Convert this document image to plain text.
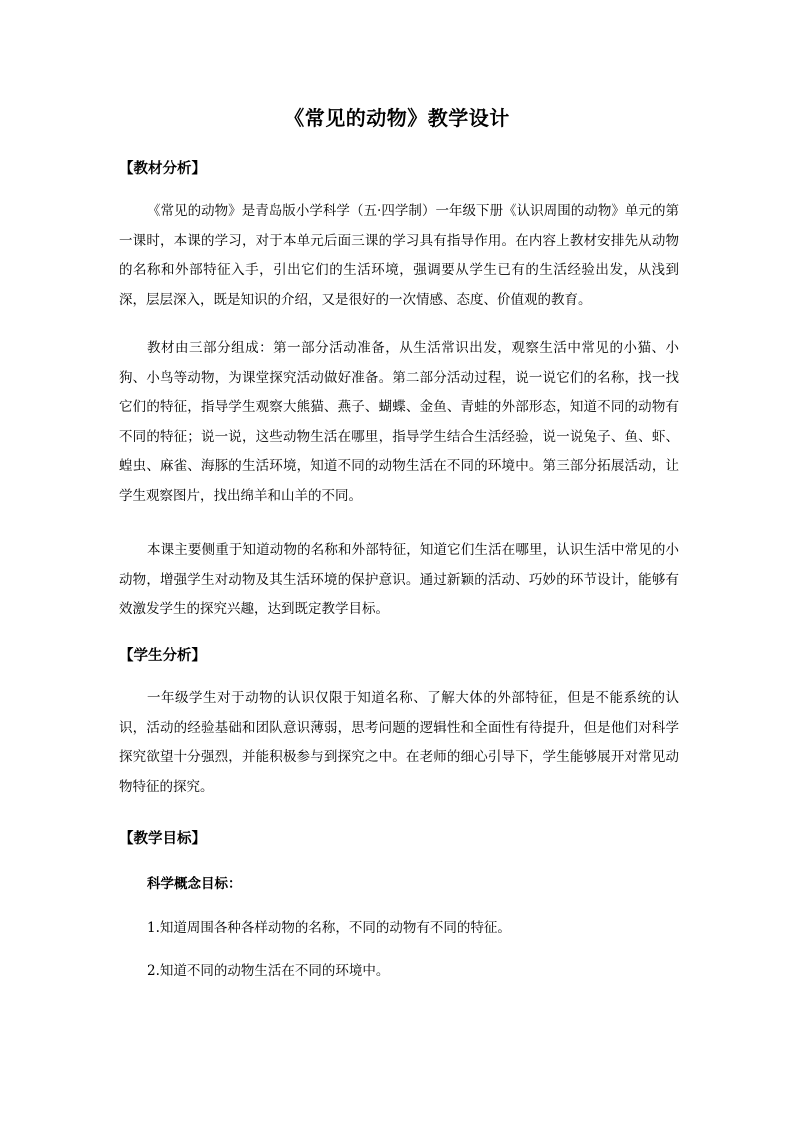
《常见的动物》教学设计
【教材分析】
《常见的动物》是青岛版小学科学（五·四学制）一年级下册《认识周围的动物》单元的第一课时，本课的学习，对于本单元后面三课的学习具有指导作用。在内容上教材安排先从动物的名称和外部特征入手，引出它们的生活环境，强调要从学生已有的生活经验出发，从浅到深，层层深入，既是知识的介绍，又是很好的一次情感、态度、价值观的教育。
教材由三部分组成：第一部分活动准备，从生活常识出发，观察生活中常见的小猫、小狗、小鸟等动物，为课堂探究活动做好准备。第二部分活动过程，说一说它们的名称，找一找它们的特征，指导学生观察大熊猫、燕子、蝴蝶、金鱼、青蛙的外部形态，知道不同的动物有不同的特征；说一说，这些动物生活在哪里，指导学生结合生活经验，说一说兔子、鱼、虾、蝗虫、麻雀、海豚的生活环境，知道不同的动物生活在不同的环境中。第三部分拓展活动，让学生观察图片，找出绵羊和山羊的不同。
本课主要侧重于知道动物的名称和外部特征，知道它们生活在哪里，认识生活中常见的小动物，增强学生对动物及其生活环境的保护意识。通过新颖的活动、巧妙的环节设计，能够有效激发学生的探究兴趣，达到既定教学目标。
【学生分析】
一年级学生对于动物的认识仅限于知道名称、了解大体的外部特征，但是不能系统的认识，活动的经验基础和团队意识薄弱，思考问题的逻辑性和全面性有待提升，但是他们对科学探究欲望十分强烈，并能积极参与到探究之中。在老师的细心引导下，学生能够展开对常见动物特征的探究。
【教学目标】
科学概念目标：
1.知道周围各种各样动物的名称，不同的动物有不同的特征。
2.知道不同的动物生活在不同的环境中。
